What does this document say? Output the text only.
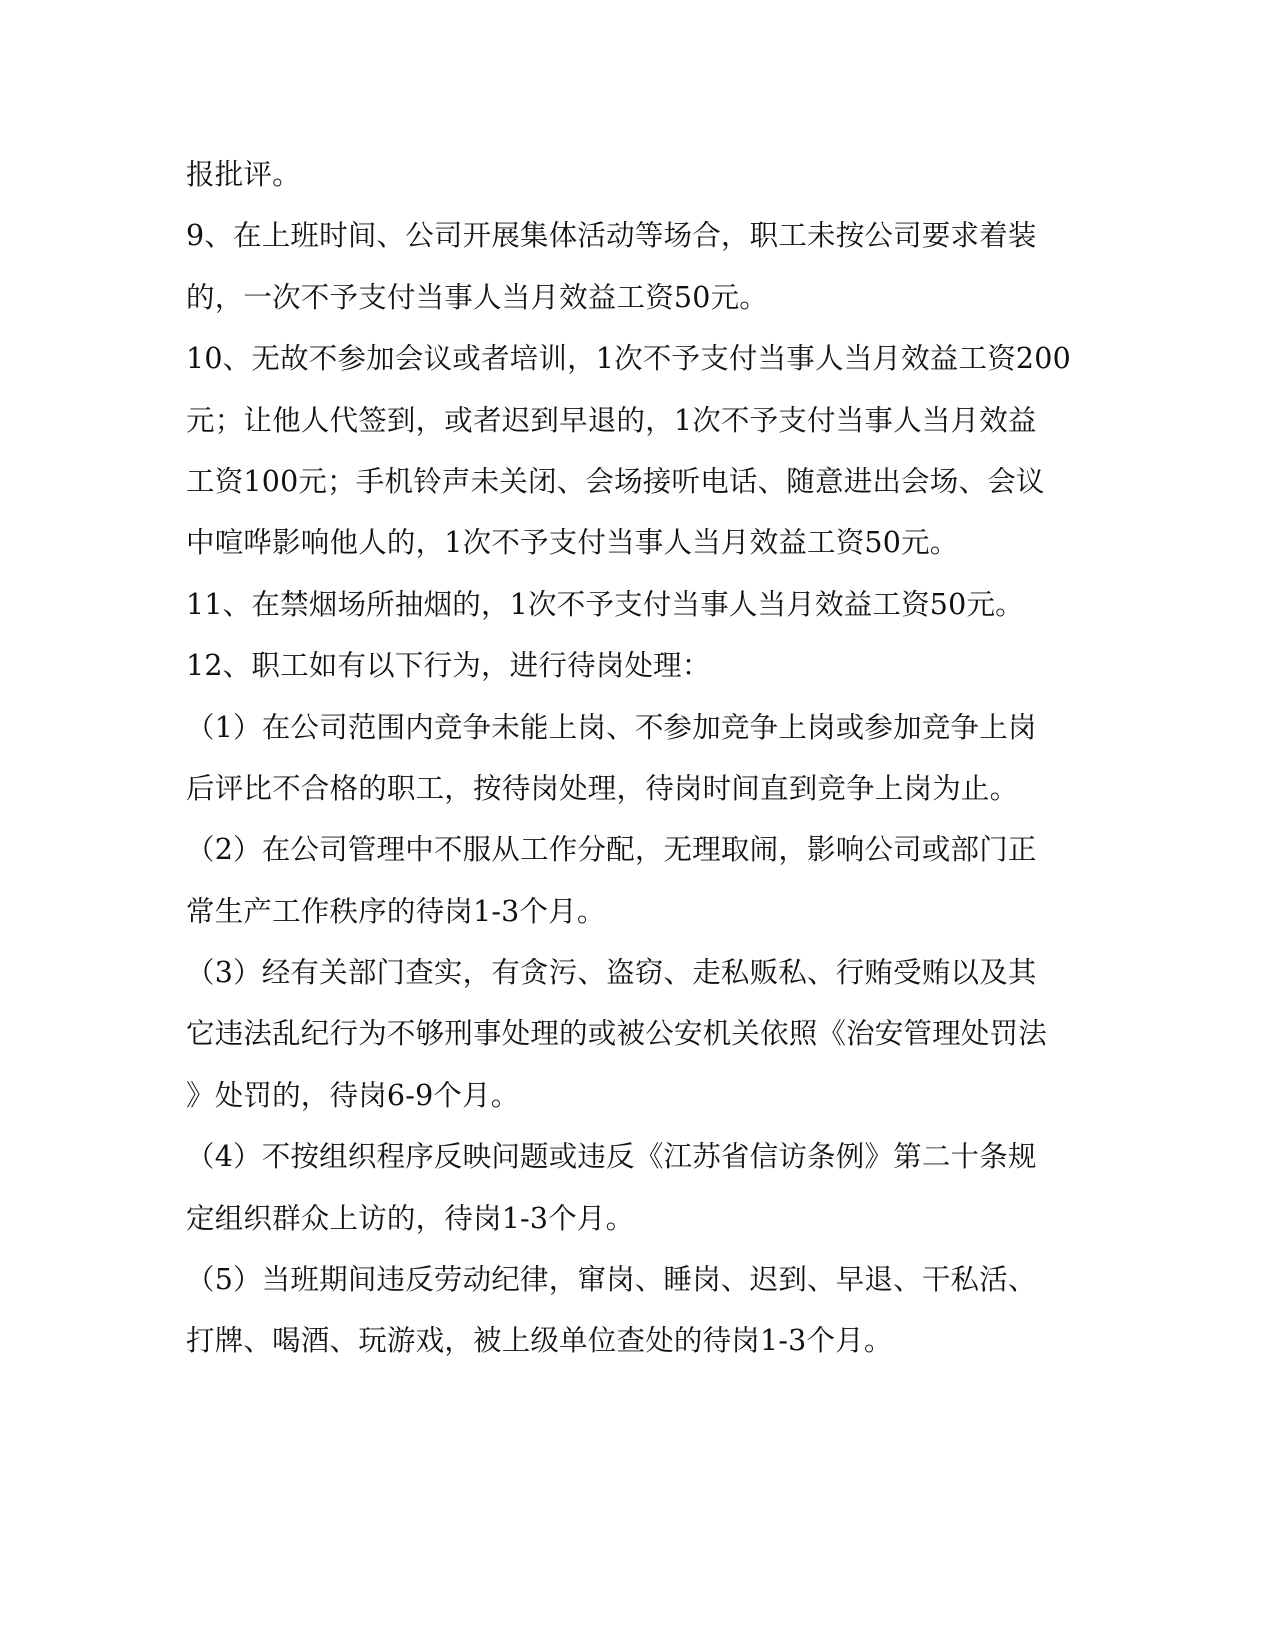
报批评。
9、在上班时间、公司开展集体活动等场合，职工未按公司要求着装
的，一次不予支付当事人当月效益工资50元。
10、无故不参加会议或者培训，1次不予支付当事人当月效益工资200
元；让他人代签到，或者迟到早退的，1次不予支付当事人当月效益
工资100元；手机铃声未关闭、会场接听电话、随意进出会场、会议
中喧哗影响他人的，1次不予支付当事人当月效益工资50元。
11、在禁烟场所抽烟的，1次不予支付当事人当月效益工资50元。
12、职工如有以下行为，进行待岗处理：
（1）在公司范围内竞争未能上岗、不参加竞争上岗或参加竞争上岗
后评比不合格的职工，按待岗处理，待岗时间直到竞争上岗为止。
（2）在公司管理中不服从工作分配，无理取闹，影响公司或部门正
常生产工作秩序的待岗1-3个月。
（3）经有关部门查实，有贪污、盗窃、走私贩私、行贿受贿以及其
它违法乱纪行为不够刑事处理的或被公安机关依照《治安管理处罚法
》处罚的，待岗6-9个月。
（4）不按组织程序反映问题或违反《江苏省信访条例》第二十条规
定组织群众上访的，待岗1-3个月。
（5）当班期间违反劳动纪律，窜岗、睡岗、迟到、早退、干私活、
打牌、喝酒、玩游戏，被上级单位查处的待岗1-3个月。
